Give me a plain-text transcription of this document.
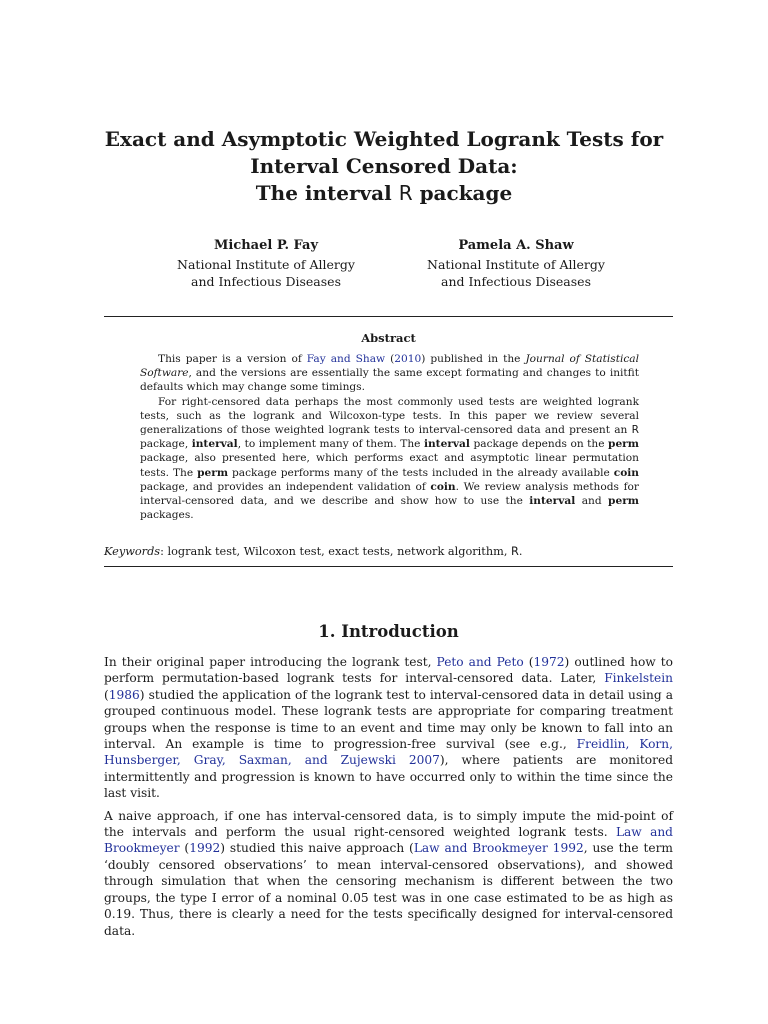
Exact and Asymptotic Weighted Logrank Tests for
Interval Censored Data:
The interval R package
Michael P. Fay
National Institute of Allergy
and Infectious Diseases
Pamela A. Shaw
National Institute of Allergy
and Infectious Diseases
Abstract

This paper is a version of Fay and Shaw (2010) published in the Journal of Statistical Software, and the versions are essentially the same except formating and changes to initfit defaults which may change some timings.

For right-censored data perhaps the most commonly used tests are weighted logrank tests, such as the logrank and Wilcoxon-type tests. In this paper we review several generalizations of those weighted logrank tests to interval-censored data and present an R package, interval, to implement many of them. The interval package depends on the perm package, also presented here, which performs exact and asymptotic linear permutation tests. The perm package performs many of the tests included in the already available coin package, and provides an independent validation of coin. We review analysis methods for interval-censored data, and we describe and show how to use the interval and perm packages.

Keywords: logrank test, Wilcoxon test, exact tests, network algorithm, R.
1. Introduction

In their original paper introducing the logrank test, Peto and Peto (1972) outlined how to perform permutation-based logrank tests for interval-censored data. Later, Finkelstein (1986) studied the application of the logrank test to interval-censored data in detail using a grouped continuous model. These logrank tests are appropriate for comparing treatment groups when the response is time to an event and time may only be known to fall into an interval. An example is time to progression-free survival (see e.g., Freidlin, Korn, Hunsberger, Gray, Saxman, and Zujewski 2007), where patients are monitored intermittently and progression is known to have occurred only to within the time since the last visit.

A naive approach, if one has interval-censored data, is to simply impute the mid-point of the intervals and perform the usual right-censored weighted logrank tests. Law and Brookmeyer (1992) studied this naive approach (Law and Brookmeyer 1992, use the term ‘doubly censored observations’ to mean interval-censored observations), and showed through simulation that when the censoring mechanism is different between the two groups, the type I error of a nominal 0.05 test was in one case estimated to be as high as 0.19. Thus, there is clearly a need for the tests specifically designed for interval-censored data.
